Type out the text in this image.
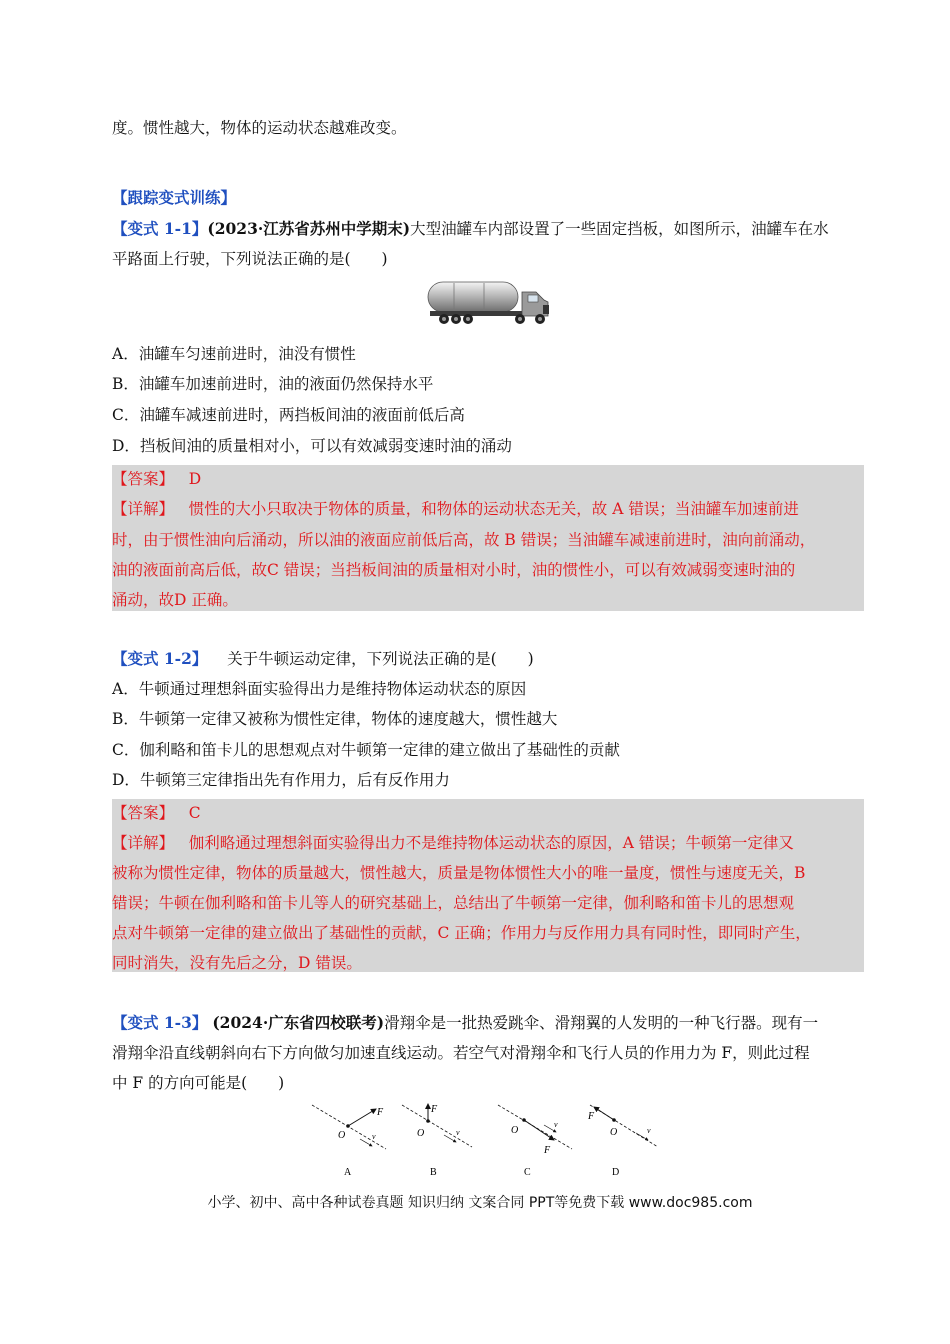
度。惯性越大，物体的运动状态越难改变。
【跟踪变式训练】
【变式 1-1】(2023·江苏省苏州中学期末)大型油罐车内部设置了一些固定挡板，如图所示，油罐车在水
平路面上行驶，下列说法正确的是(　　)
A．油罐车匀速前进时，油没有惯性
B．油罐车加速前进时，油的液面仍然保持水平
C．油罐车减速前进时，两挡板间油的液面前低后高
D．挡板间油的质量相对小，可以有效减弱变速时油的涌动
【答案】 D
【详解】 惯性的大小只取决于物体的质量，和物体的运动状态无关，故 A 错误；当油罐车加速前进
时，由于惯性油向后涌动，所以油的液面应前低后高，故 B 错误；当油罐车减速前进时，油向前涌动，
油的液面前高后低，故C 错误；当挡板间油的质量相对小时，油的惯性小，可以有效减弱变速时油的
涌动，故D 正确。
【变式 1-2】 关于牛顿运动定律，下列说法正确的是(　　)
A．牛顿通过理想斜面实验得出力是维持物体运动状态的原因
B．牛顿第一定律又被称为惯性定律，物体的速度越大，惯性越大
C．伽利略和笛卡儿的思想观点对牛顿第一定律的建立做出了基础性的贡献
D．牛顿第三定律指出先有作用力，后有反作用力
【答案】 C
【详解】 伽利略通过理想斜面实验得出力不是维持物体运动状态的原因，A 错误；牛顿第一定律又
被称为惯性定律，物体的质量越大，惯性越大，质量是物体惯性大小的唯一量度，惯性与速度无关，B
错误；牛顿在伽利略和笛卡儿等人的研究基础上，总结出了牛顿第一定律，伽利略和笛卡儿的思想观
点对牛顿第一定律的建立做出了基础性的贡献，C 正确；作用力与反作用力具有同时性，即同时产生，
同时消失，没有先后之分，D 错误。
【变式 1-3】 (2024·广东省四校联考)滑翔伞是一批热爱跳伞、滑翔翼的人发明的一种飞行器。现有一
滑翔伞沿直线朝斜向右下方向做匀加速直线运动。若空气对滑翔伞和飞行人员的作用力为 F，则此过程
中 F 的方向可能是(　　)
O
F
v
A
O
F
v
B
O
F
v
C
O
F
v
D
小学、初中、高中各种试卷真题 知识归纳 文案合同 PPT等免费下载 www.doc985.com
